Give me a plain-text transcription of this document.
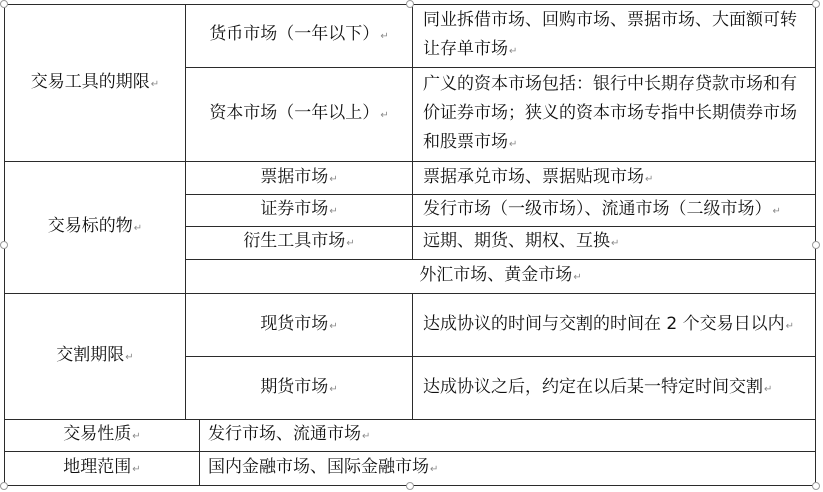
交易工具的期限↵	货币市场（一年以下）↵		同业拆借市场、回购市场、票据市场、大面额可转让存单市场↵
	资本市场（一年以上）↵		广义的资本市场包括：银行中长期存贷款市场和有价证券市场；狭义的资本市场专指中长期债券市场和股票市场↵
交易标的物↵	票据市场↵		票据承兑市场、票据贴现市场↵
	证券市场↵		发行市场（一级市场）、流通市场（二级市场）↵
	衍生工具市场↵		远期、期货、期权、互换↵
	外汇市场、黄金市场↵		
交割期限↵	现货市场↵		达成协议的时间与交割的时间在 2 个交易日以内↵
	期货市场↵		达成协议之后，约定在以后某一特定时间交割↵
交易性质↵		发行市场、流通市场↵	
地理范围↵		国内金融市场、国际金融市场↵	
